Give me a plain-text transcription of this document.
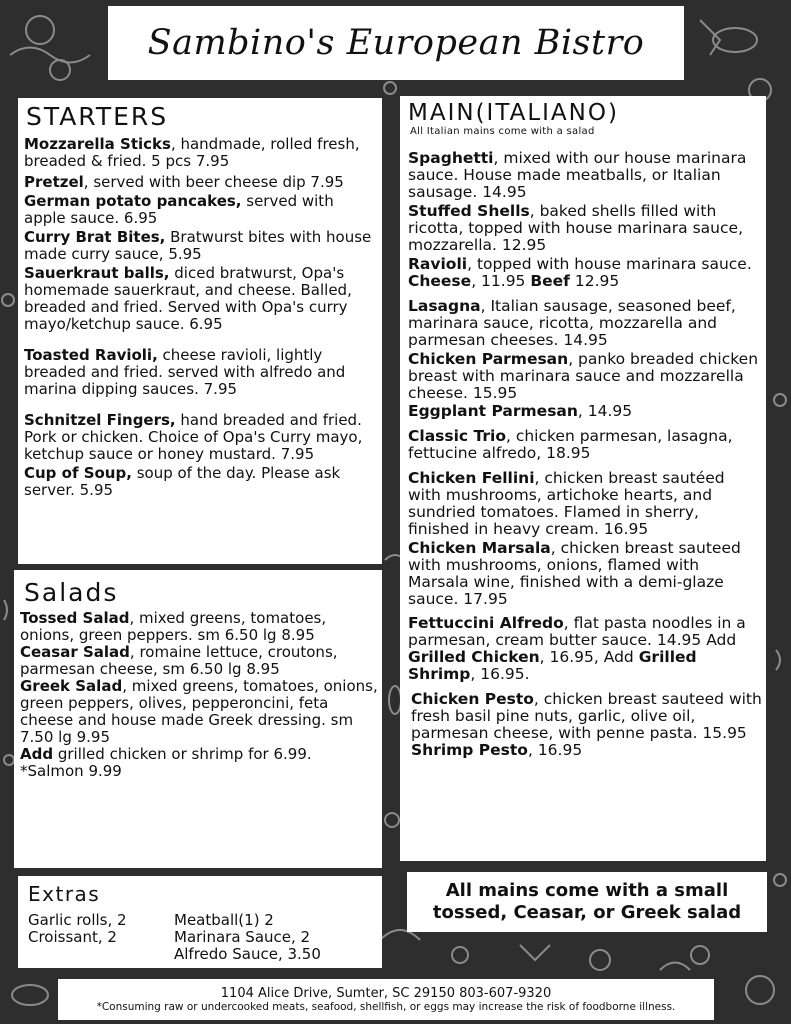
Sambino's European Bistro
STARTERS

Mozzarella Sticks, handmade, rolled fresh, breaded & fried. 5 pcs 7.95

Pretzel, served with beer cheese dip 7.95

German potato pancakes, served with apple sauce. 6.95

Curry Brat Bites, Bratwurst bites with house made curry sauce, 5.95

Sauerkraut balls, diced bratwurst, Opa's homemade sauerkraut, and cheese. Balled, breaded and fried. Served with Opa's curry mayo/ketchup sauce. 6.95

Toasted Ravioli, cheese ravioli, lightly breaded and fried. served with alfredo and marina dipping sauces. 7.95

Schnitzel Fingers, hand breaded and fried. Pork or chicken. Choice of Opa's Curry mayo, ketchup sauce or honey mustard. 7.95

Cup of Soup, soup of the day. Please ask server. 5.95

Salads

Tossed Salad, mixed greens, tomatoes, onions, green peppers. sm 6.50 lg 8.95

Ceasar Salad, romaine lettuce, croutons, parmesan cheese, sm 6.50 lg 8.95

Greek Salad, mixed greens, tomatoes, onions, green peppers, olives, pepperoncini, feta cheese and house made Greek dressing. sm 7.50 lg 9.95

Add grilled chicken or shrimp for 6.99. *Salmon 9.99

Extras
Garlic rolls, 2
Croissant, 2
Meatball(1) 2
Marinara Sauce, 2
Alfredo Sauce, 3.50
MAIN(ITALIANO)
All Italian mains come with a salad

Spaghetti, mixed with our house marinara sauce. House made meatballs, or Italian sausage. 14.95

Stuffed Shells, baked shells filled with ricotta, topped with house marinara sauce, mozzarella. 12.95

Ravioli, topped with house marinara sauce. Cheese, 11.95 Beef 12.95

Lasagna, Italian sausage, seasoned beef, marinara sauce, ricotta, mozzarella and parmesan cheeses. 14.95

Chicken Parmesan, panko breaded chicken breast with marinara sauce and mozzarella cheese. 15.95

Eggplant Parmesan, 14.95

Classic Trio, chicken parmesan, lasagna, fettucine alfredo, 18.95

Chicken Fellini, chicken breast sautéed with mushrooms, artichoke hearts, and sundried tomatoes. Flamed in sherry, finished in heavy cream. 16.95

Chicken Marsala, chicken breast sauteed with mushrooms, onions, flamed with Marsala wine, finished with a demi-glaze sauce. 17.95

Fettuccini Alfredo, flat pasta noodles in a parmesan, cream butter sauce. 14.95 Add Grilled Chicken, 16.95, Add Grilled Shrimp, 16.95.

Chicken Pesto, chicken breast sauteed with fresh basil pine nuts, garlic, olive oil, parmesan cheese, with penne pasta. 15.95 Shrimp Pesto, 16.95

All mains come with a small tossed, Ceasar, or Greek salad
1104 Alice Drive, Sumter, SC 29150 803-607-9320
*Consuming raw or undercooked meats, seafood, shellfish, or eggs may increase the risk of foodborne illness.
